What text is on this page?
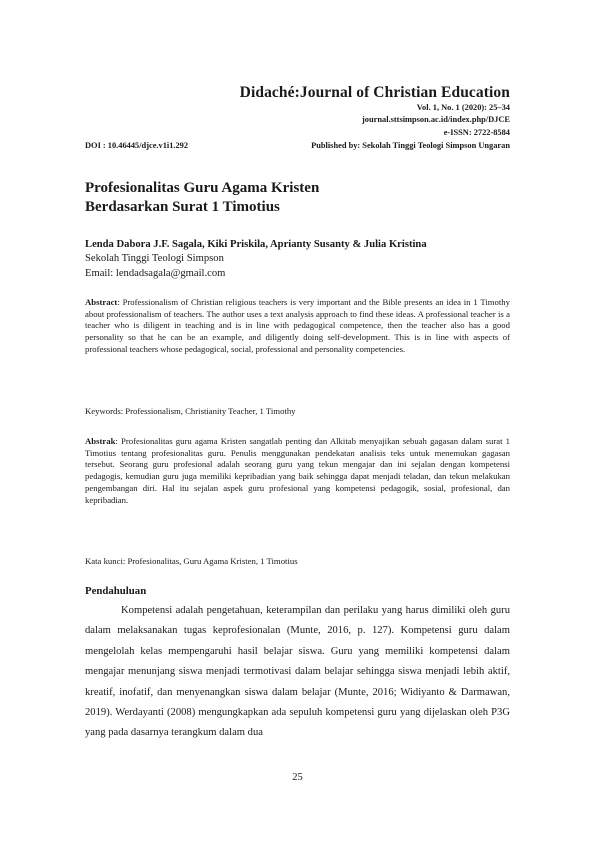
Didaché:Journal of Christian Education
Vol. 1, No. 1 (2020): 25–34
journal.sttsimpson.ac.id/index.php/DJCE
e-ISSN: 2722-8584
DOI : 10.46445/djce.v1i1.292	Published by: Sekolah Tinggi Teologi Simpson Ungaran
Profesionalitas Guru Agama Kristen
Berdasarkan Surat 1 Timotius
Lenda Dabora J.F. Sagala, Kiki Priskila, Aprianty Susanty & Julia Kristina
Sekolah Tinggi Teologi Simpson
Email: lendadsagala@gmail.com
Abstract: Professionalism of Christian religious teachers is very important and the Bible presents an idea in 1 Timothy about professionalism of teachers. The author uses a text analysis approach to find these ideas. A professional teacher is a teacher who is diligent in teaching and is in line with pedagogical competence, then the teacher also has a good personality so that he can be an example, and diligently doing self-development. This is in line with aspects of professional teachers whose pedagogical, social, professional and personality competencies.
Keywords: Professionalism, Christianity Teacher, 1 Timothy
Abstrak: Profesionalitas guru agama Kristen sangatlah penting dan Alkitab menyajikan sebuah gagasan dalam surat 1 Timotius tentang profesionalitas guru. Penulis menggunakan pendekatan analisis teks untuk menemukan gagasan tersebut. Seorang guru profesional adalah seorang guru yang tekun mengajar dan ini sejalan dengan kompetensi pedagogis, kemudian guru juga memiliki kepribadian yang baik sehingga dapat menjadi teladan, dan tekun melakukan pengembangan diri. Hal itu sejalan aspek guru profesional yang kompetensi pedagogik, sosial, profesional, dan kepribadian.
Kata kunci: Profesionalitas, Guru Agama Kristen, 1 Timotius
Pendahuluan
Kompetensi adalah pengetahuan, keterampilan dan perilaku yang harus dimiliki oleh guru dalam melaksanakan tugas keprofesionalan (Munte, 2016, p. 127). Kompetensi guru dalam mengelolah kelas mempengaruhi hasil belajar siswa. Guru yang memiliki kompetensi dalam mengajar menunjang siswa menjadi termotivasi dalam belajar sehingga siswa menjadi lebih aktif, kreatif, inofatif, dan menyenangkan siswa dalam belajar (Munte, 2016; Widiyanto & Darmawan, 2019). Werdayanti (2008) mengungkapkan ada sepuluh kompetensi guru yang dijelaskan oleh P3G yang pada dasarnya terangkum dalam dua
25
